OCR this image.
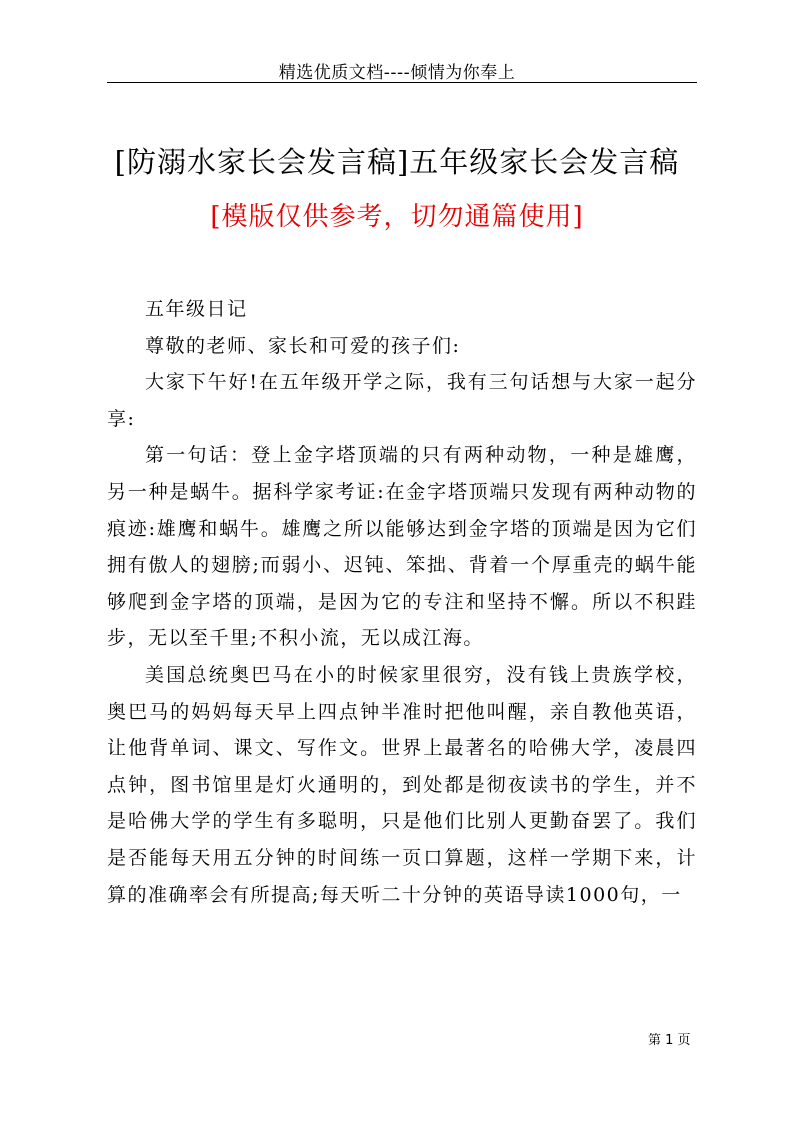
精选优质文档----倾情为你奉上
[防溺水家长会发言稿]五年级家长会发言稿
[模版仅供参考，切勿通篇使用]

五年级日记

尊敬的老师、家长和可爱的孩子们:

大家下午好!在五年级开学之际，我有三句话想与大家一起分享:

第一句话：登上金字塔顶端的只有两种动物，一种是雄鹰，另一种是蜗牛。据科学家考证:在金字塔顶端只发现有两种动物的痕迹:雄鹰和蜗牛。雄鹰之所以能够达到金字塔的顶端是因为它们拥有傲人的翅膀;而弱小、迟钝、笨拙、背着一个厚重壳的蜗牛能够爬到金字塔的顶端，是因为它的专注和坚持不懈。所以不积跬步，无以至千里;不积小流，无以成江海。

美国总统奥巴马在小的时候家里很穷，没有钱上贵族学校，奥巴马的妈妈每天早上四点钟半准时把他叫醒，亲自教他英语，让他背单词、课文、写作文。世界上最著名的哈佛大学，凌晨四点钟，图书馆里是灯火通明的，到处都是彻夜读书的学生，并不是哈佛大学的学生有多聪明，只是他们比别人更勤奋罢了。我们是否能每天用五分钟的时间练一页口算题，这样一学期下来，计算的准确率会有所提高;每天听二十分钟的英语导读1000句，一

第 1 页
